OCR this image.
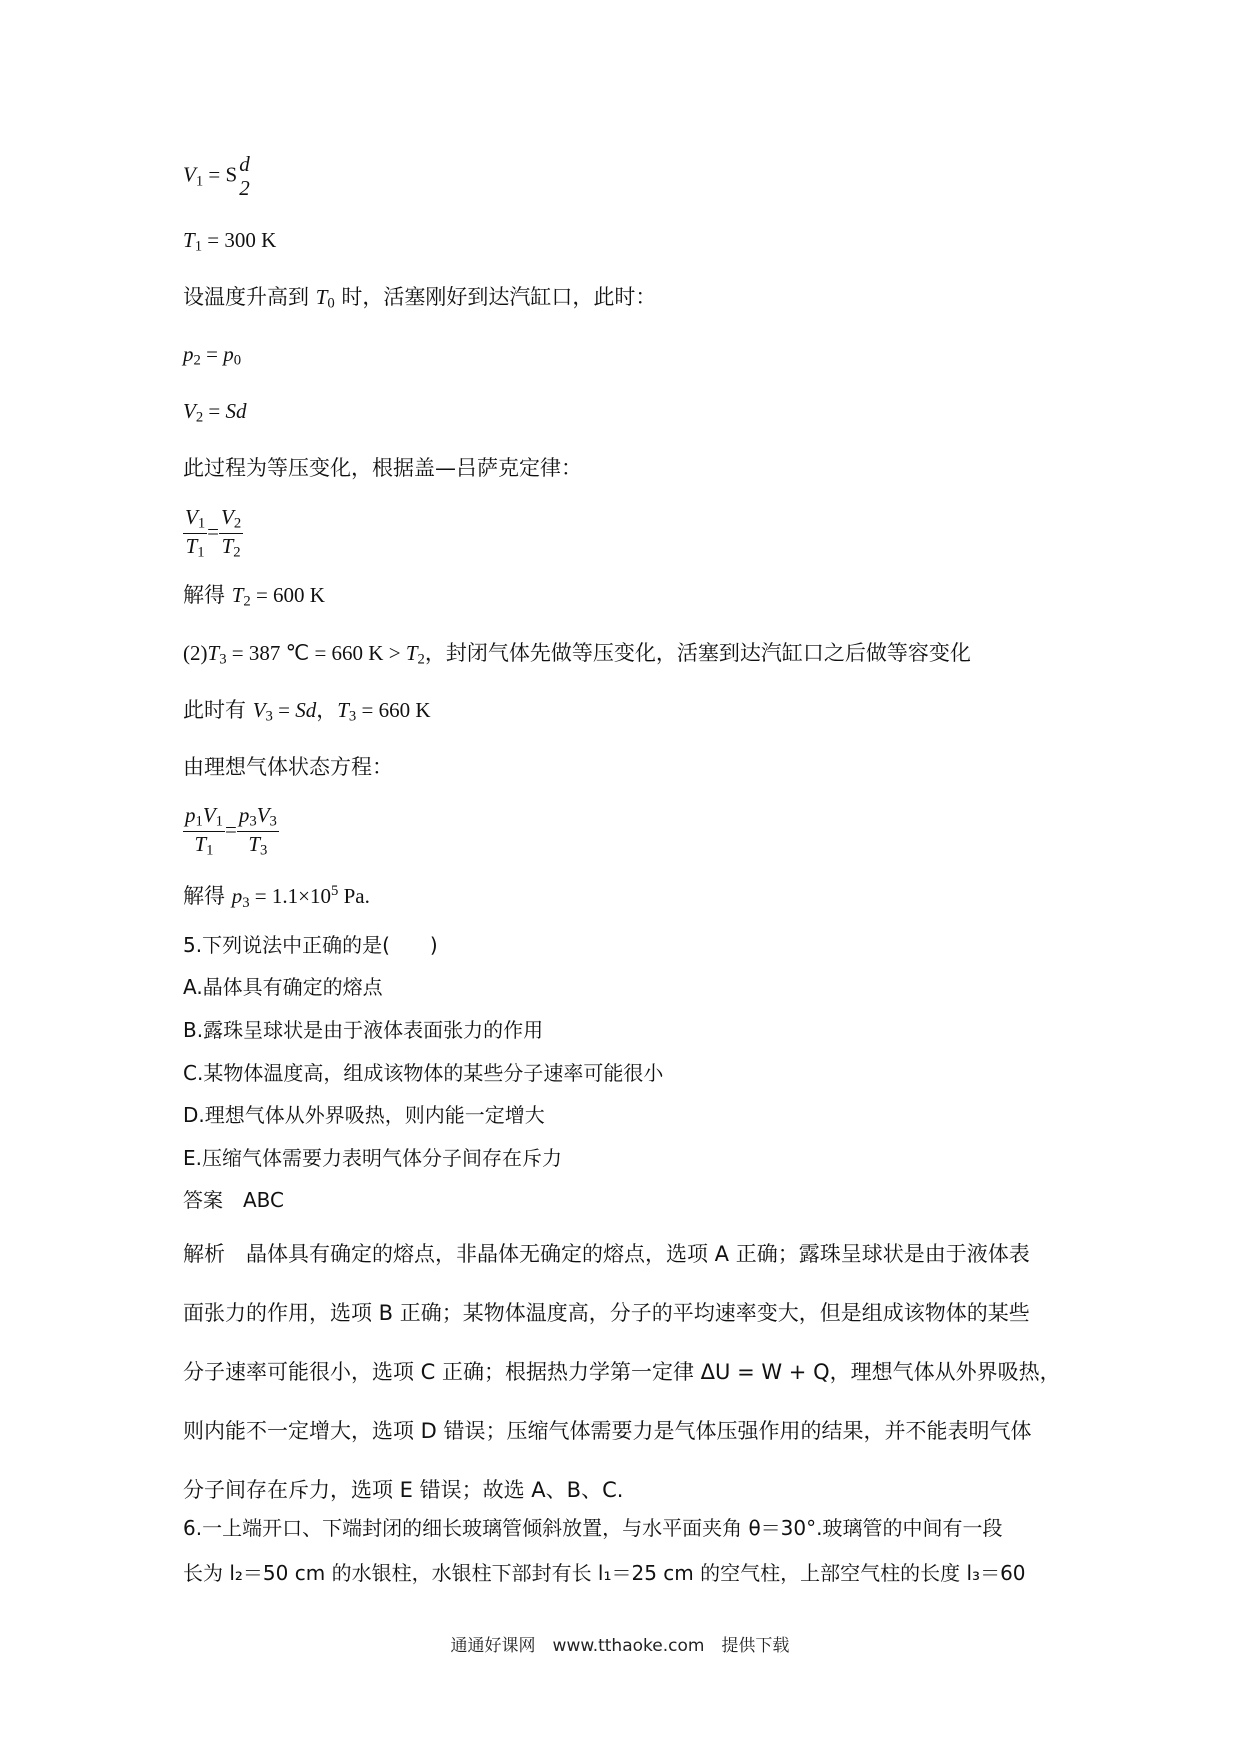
$V_1 = S$ d
2
$T_1 = 300$ K
设温度升高到 $T_0$ 时，活塞刚好到达汽缸口，此时：
$p_2 = p_0$
$V_2 = Sd$
此过程为等压变化，根据盖—吕萨克定律：
$\frac{V_1}{T_1} = \frac{V_2}{T_2}$
解得 $T_2 = 600$ K
$(2)T_3 = 387$ ℃ = 660 $K > T_2$，封闭气体先做等压变化，活塞到达汽缸口之后做等容变化
此时有 $V_3 = Sd$，$T_3 = 660$ K
由理想气体状态方程：
$\frac{p_1V_1}{T_1} = \frac{p_3V_3}{T_3}$
解得 $p_3 = 1.1\times 10^5$ Pa.
5.下列说法中正确的是(　　)
A.晶体具有确定的熔点
B.露珠呈球状是由于液体表面张力的作用
C.某物体温度高，组成该物体的某些分子速率可能很小
D.理想气体从外界吸热，则内能一定增大
E.压缩气体需要力表明气体分子间存在斥力
答案　ABC
解析　晶体具有确定的熔点，非晶体无确定的熔点，选项 A 正确；露珠呈球状是由于液体表
面张力的作用，选项 B 正确；某物体温度高，分子的平均速率变大，但是组成该物体的某些
分子速率可能很小，选项 C 正确；根据热力学第一定律 ΔU = W + Q，理想气体从外界吸热，
则内能不一定增大，选项 D 错误；压缩气体需要力是气体压强作用的结果，并不能表明气体
分子间存在斥力，选项 E 错误；故选 A、B、C.
6.一上端开口、下端封闭的细长玻璃管倾斜放置，与水平面夹角 θ＝30°.玻璃管的中间有一段
长为 l₂＝50 cm 的水银柱，水银柱下部封有长 l₁＝25 cm 的空气柱，上部空气柱的长度 l₃＝60
通通好课网　www.tthaoke.com　提供下载
